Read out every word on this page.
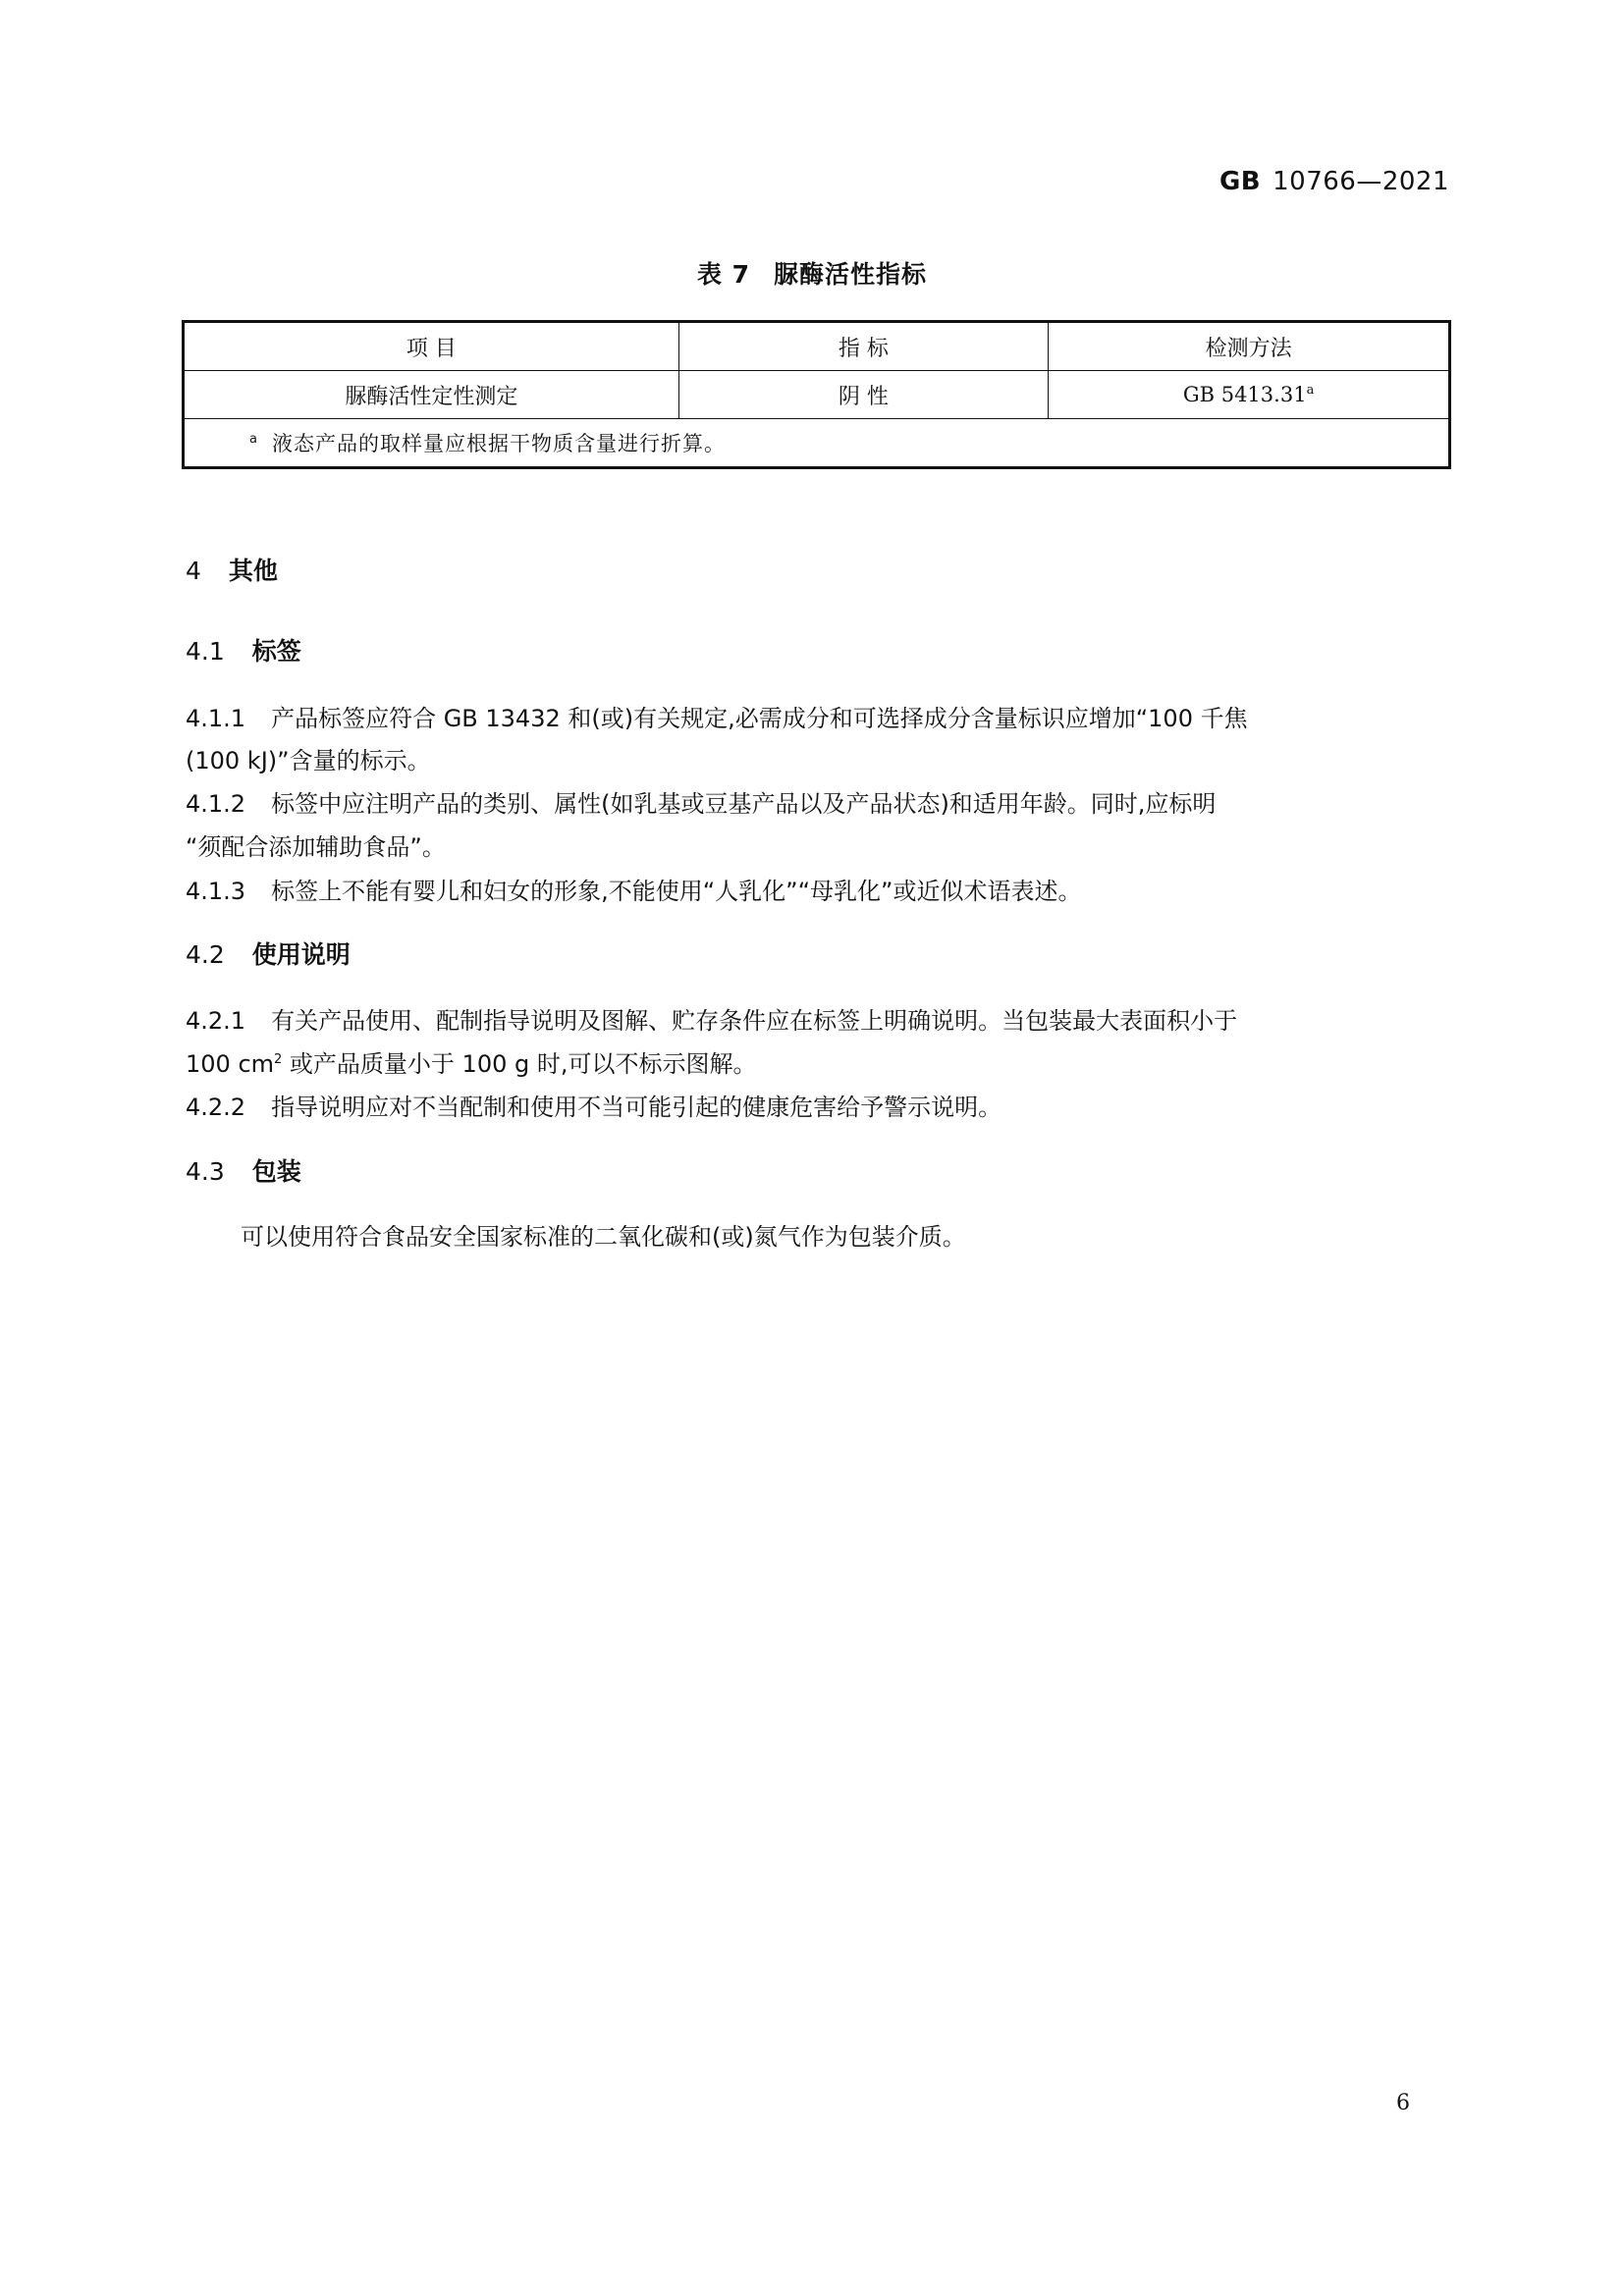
GB 10766—2021
表 7 脲酶活性指标
项 目	指 标	检测方法
脲酶活性定性测定	阴 性	GB 5413.31$^a$
$^a$ 液态产品的取样量应根据干物质含量进行折算。		
4 其他
4.1 标签
4.1.1 产品标签应符合 GB 13432 和(或)有关规定,必需成分和可选择成分含量标识应增加“100 千焦
(100 kJ)”含量的标示。
4.1.2 标签中应注明产品的类别、属性(如乳基或豆基产品以及产品状态)和适用年龄。同时,应标明
“须配合添加辅助食品”。
4.1.3 标签上不能有婴儿和妇女的形象,不能使用“人乳化”“母乳化”或近似术语表述。
4.2 使用说明
4.2.1 有关产品使用、配制指导说明及图解、贮存条件应在标签上明确说明。当包装最大表面积小于
100 $cm^2$ 或产品质量小于 100 g 时,可以不标示图解。
4.2.2 指导说明应对不当配制和使用不当可能引起的健康危害给予警示说明。
4.3 包装
可以使用符合食品安全国家标准的二氧化碳和(或)氮气作为包装介质。
6
